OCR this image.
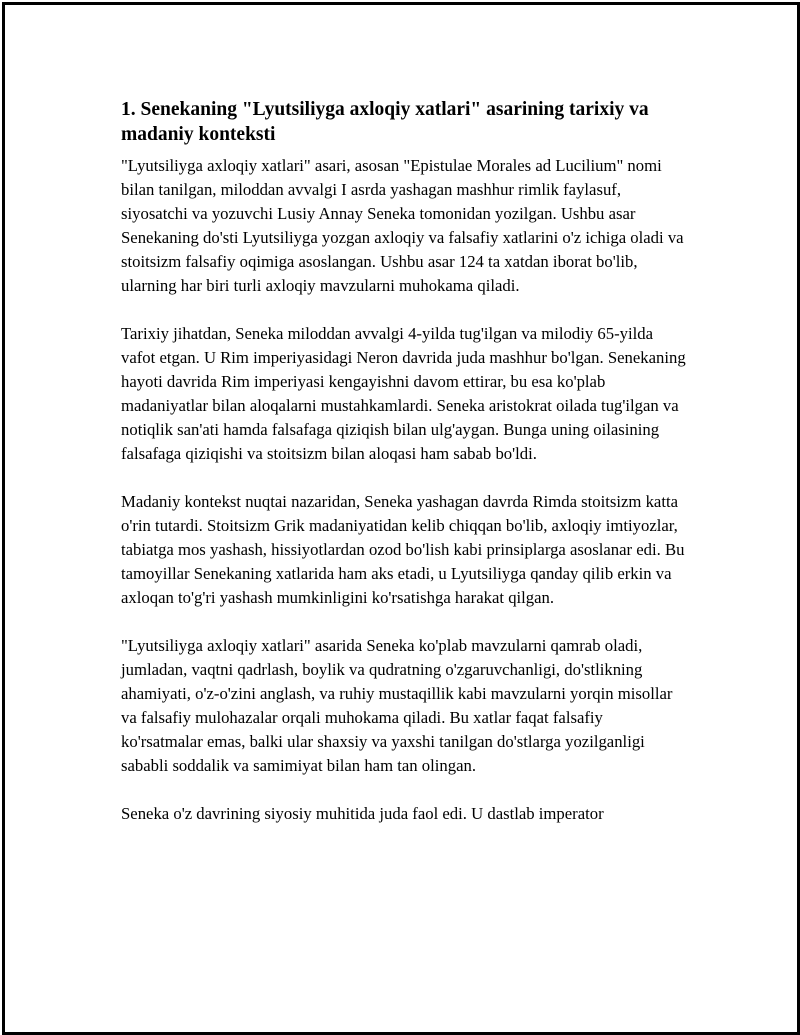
1. Senekaning "Lyutsiliyga axloqiy xatlari" asarining tarixiy va madaniy konteksti

"Lyutsiliyga axloqiy xatlari" asari, asosan "Epistulae Morales ad Lucilium" nomi bilan tanilgan, miloddan avvalgi I asrda yashagan mashhur rimlik faylasuf, siyosatchi va yozuvchi Lusiy Annay Seneka tomonidan yozilgan. Ushbu asar Senekaning do'sti Lyutsiliyga yozgan axloqiy va falsafiy xatlarini o'z ichiga oladi va stoitsizm falsafiy oqimiga asoslangan. Ushbu asar 124 ta xatdan iborat bo'lib, ularning har biri turli axloqiy mavzularni muhokama qiladi.

Tarixiy jihatdan, Seneka miloddan avvalgi 4-yilda tug'ilgan va milodiy 65-yilda vafot etgan. U Rim imperiyasidagi Neron davrida juda mashhur bo'lgan. Senekaning hayoti davrida Rim imperiyasi kengayishni davom ettirar, bu esa ko'plab madaniyatlar bilan aloqalarni mustahkamlardi. Seneka aristokrat oilada tug'ilgan va notiqlik san'ati hamda falsafaga qiziqish bilan ulg'aygan. Bunga uning oilasining falsafaga qiziqishi va stoitsizm bilan aloqasi ham sabab bo'ldi.

Madaniy kontekst nuqtai nazaridan, Seneka yashagan davrda Rimda stoitsizm katta o'rin tutardi. Stoitsizm Grik madaniyatidan kelib chiqqan bo'lib, axloqiy imtiyozlar, tabiatga mos yashash, hissiyotlardan ozod bo'lish kabi prinsiplarga asoslanar edi. Bu tamoyillar Senekaning xatlarida ham aks etadi, u Lyutsiliyga qanday qilib erkin va axloqan to'g'ri yashash mumkinligini ko'rsatishga harakat qilgan.

"Lyutsiliyga axloqiy xatlari" asarida Seneka ko'plab mavzularni qamrab oladi, jumladan, vaqtni qadrlash, boylik va qudratning o'zgaruvchanligi, do'stlikning ahamiyati, o'z-o'zini anglash, va ruhiy mustaqillik kabi mavzularni yorqin misollar va falsafiy mulohazalar orqali muhokama qiladi. Bu xatlar faqat falsafiy ko'rsatmalar emas, balki ular shaxsiy va yaxshi tanilgan do'stlarga yozilganligi sababli soddalik va samimiyat bilan ham tan olingan.

Seneka o'z davrining siyosiy muhitida juda faol edi. U dastlab imperator
